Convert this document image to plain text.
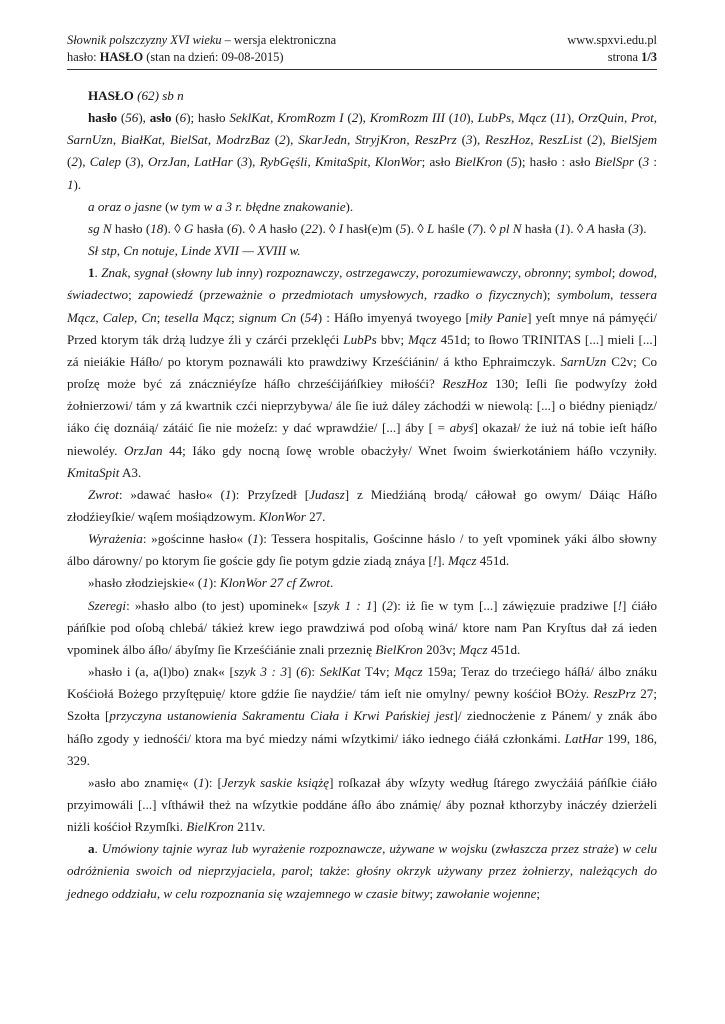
Słownik polszczyzny XVI wieku – wersja elektroniczna	www.spxvi.edu.pl
hasło: HASŁO (stan na dzień: 09-08-2015)	strona 1/3

HASŁO (62) sb n

hasło (56), asło (6); hasło SeklKat, KromRozm I (2), KromRozm III (10), LubPs, Mącz (11), OrzQuin, Prot, SarnUzn, BiałKat, BielSat, ModrzBaz (2), SkarJedn, StryjKron, ReszPrz (3), ReszHoz, ReszList (2), BielSjem (2), Calep (3), OrzJan, LatHar (3), RybGęśli, KmitaSpit, KlonWor; asło BielKron (5); hasło : asło BielSpr (3 : 1).

a oraz o jasne (w tym w a 3 r. błędne znakowanie).

sg N hasło (18). ◊ G hasła (6). ◊ A hasło (22). ◊ I hasł(e)m (5). ◊ L haśle (7). ◊ pl N hasła (1). ◊ A hasła (3).

Sł stp, Cn notuje, Linde XVII — XVIII w.

1. Znak, sygnał (słowny lub inny) rozpoznawczy, ostrzegawczy, porozumiewawczy, obronny; symbol; dowod, świadectwo; zapowiedź (przeważnie o przedmiotach umysłowych, rzadko o fizycznych); symbolum, tessera Mącz, Calep, Cn; tesella Mącz; signum Cn (54) : Háſło imyenyá twoyego [miły Panie] yeſt mnye ná pámyęći/ Przed ktorym ták drżą ludzye źli y czárći przeklęći LubPs bbv; Mącz 451d; to ſłowo TRINITAS [...] mieli [...] zá nieiákie Háſło/ po ktorym poznawáli kto prawdziwy Krześćiánin/ á ktho Ephraimczyk. SarnUzn C2v; Co proſzę może być zá znáczniéyſze háſło chrześćijáńſkiey miłośći? ReszHoz 130; Ieſli ſie podwyſzy żołd żołnierzowi/ tám y zá kwartnik czći nieprzybywa/ ále ſie iuż dáley záchodźi w niewolą: [...] o biédny pieniądz/ iáko ćię doznáią/ zátáić ſie nie możeſz: y dać wprawdźie/ [...] áby [ = abyś] okazał/ że iuż ná tobie ieſt háſło niewoléy. OrzJan 44; Iáko gdy nocną ſowę wroble obacżyły/ Wnet ſwoim świerkotániem háſło vczyniły. KmitaSpit A3.

Zwrot: »dawać hasło« (1): Przyſzedł [Judasz] z Miedźiáną brodą/ cáłował go owym/ Dáiąc Háſło złodźieyſkie/ wąſem mośiądzowym. KlonWor 27.

Wyrażenia: »gościnne hasło« (1): Tessera hospitalis, Gościnne háslo / to yeſt vpominek yáki álbo słowny álbo dárowny/ po ktorym ſie goście gdy ſie potym gdzie ziadą znáya [!]. Mącz 451d.

»hasło złodziejskie« (1): KlonWor 27 cf Zwrot.

Szeregi: »hasło albo (to jest) upominek« [szyk 1 : 1] (2): iż ſie w tym [...] záwięzuie pradziwe [!] ćiáło páńſkie pod oſobą chlebá/ tákież krew iego prawdziwá pod oſobą winá/ ktore nam Pan Kryſtus dał zá ieden vpominek álbo áſło/ ábyſmy ſie Krześćiánie znali przeznię BielKron 203v; Mącz 451d.

»hasło i (a, a(l)bo) znak« [szyk 3 : 3] (6): SeklKat T4v; Mącz 159a; Teraz do trzećiego háſłá/ álbo znáku Kośćiołá Bożego przyſtępuię/ ktore gdźie ſie naydźie/ tám ieſt nie omylny/ pewny kośćioł BOży. ReszPrz 27; Szołta [przyczyna ustanowienia Sakramentu Ciała i Krwi Pańskiej jest]/ ziednocżenie z Pánem/ y znák ábo háſło zgody y iednośći/ ktora ma być miedzy námi wſzytkimi/ iáko iednego ćiáłá członkámi. LatHar 199, 186, 329.

»asło abo znamię« (1): [Jerzyk saskie książę] roſkazał áby wſzyty według ſtárego zwycżáiá páńſkie ćiáło przyimowáli [...] vſtháwił theż na wſzytkie poddáne áſło ábo známię/ áby poznał kthorzyby ináczéy dzierżeli niżli kośćioł Rzymſki. BielKron 211v.

a. Umówiony tajnie wyraz lub wyrażenie rozpoznawcze, używane w wojsku (zwłaszcza przez straże) w celu odróżnienia swoich od nieprzyjaciela, parol; także: głośny okrzyk używany przez żołnierzy, należących do jednego oddziału, w celu rozpoznania się wzajemnego w czasie bitwy; zawołanie wojenne;
